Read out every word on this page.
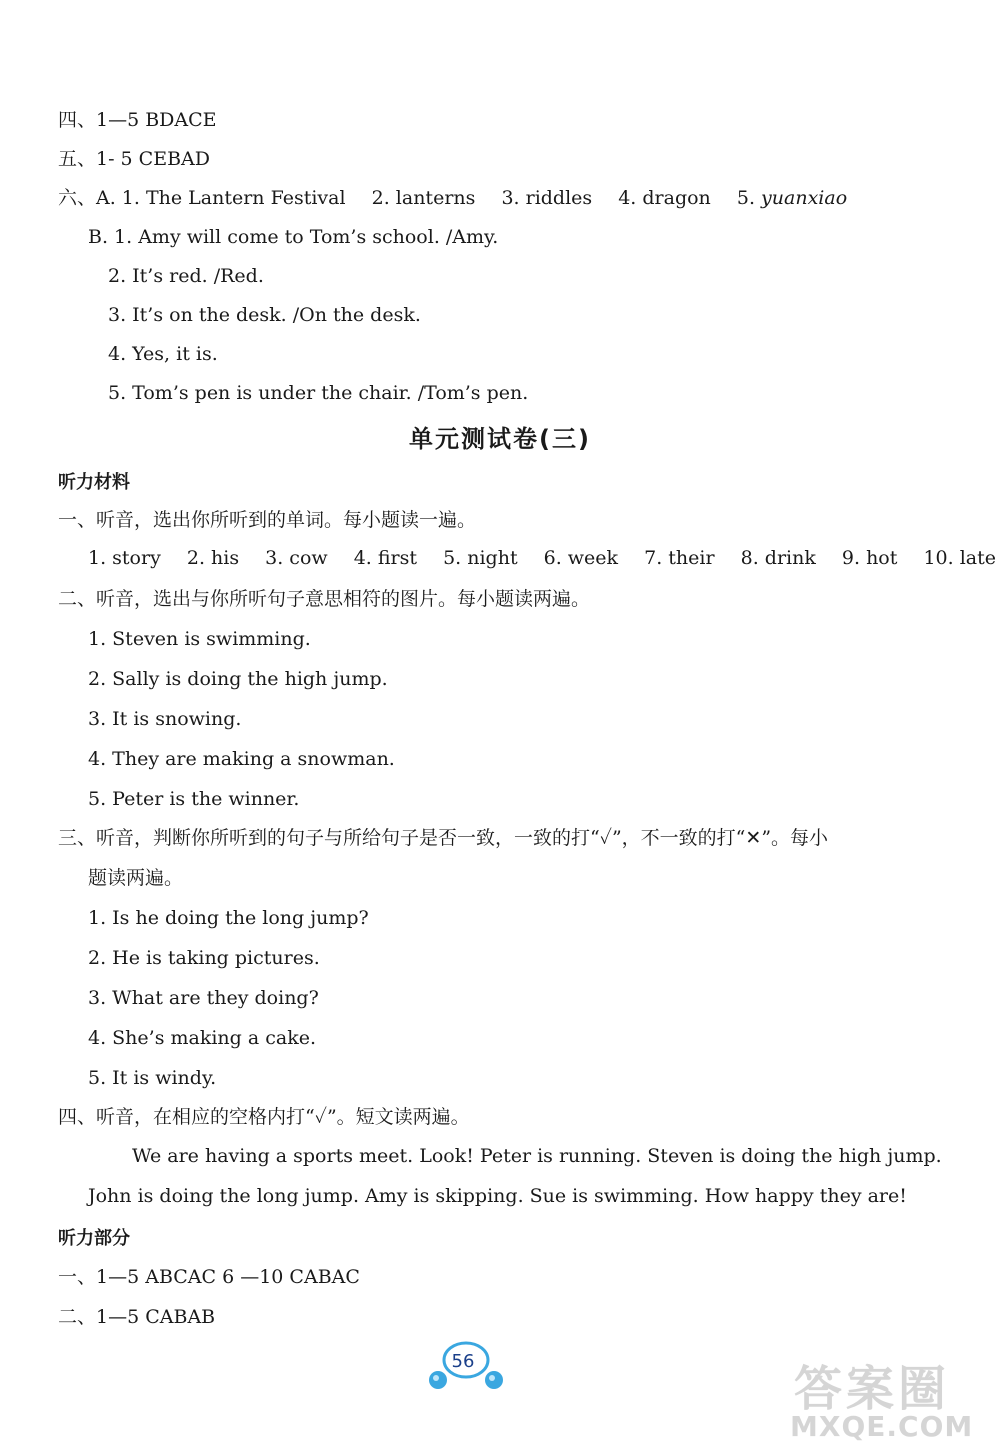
四、1—5 BDACE
五、1- 5 CEBAD
六、A. 1. The Lantern Festival 2. lanterns 3. riddles 4. dragon 5. yuanxiao
B. 1. Amy will come to Tom’s school. /Amy.
2. It’s red. /Red.
3. It’s on the desk. /On the desk.
4. Yes, it is.
5. Tom’s pen is under the chair. /Tom’s pen.
单元测试卷(三)
听力材料
一、听音，选出你所听到的单词。每小题读一遍。
1. story 2. his 3. cow 4. first 5. night 6. week 7. their 8. drink 9. hot 10. late
二、听音，选出与你所听句子意思相符的图片。每小题读两遍。
1. Steven is swimming.
2. Sally is doing the high jump.
3. It is snowing.
4. They are making a snowman.
5. Peter is the winner.
三、听音，判断你所听到的句子与所给句子是否一致，一致的打“✓”，不一致的打“✕”。每小
题读两遍。
1. Is he doing the long jump?
2. He is taking pictures.
3. What are they doing?
4. She’s making a cake.
5. It is windy.
四、听音，在相应的空格内打“✓”。短文读两遍。
We are having a sports meet. Look! Peter is running. Steven is doing the high jump.
John is doing the long jump. Amy is skipping. Sue is swimming. How happy they are!
听力部分
一、1—5 ABCAC 6 —10 CABAC
二、1—5 CABAB
56	答案圈
MXQE.COM
